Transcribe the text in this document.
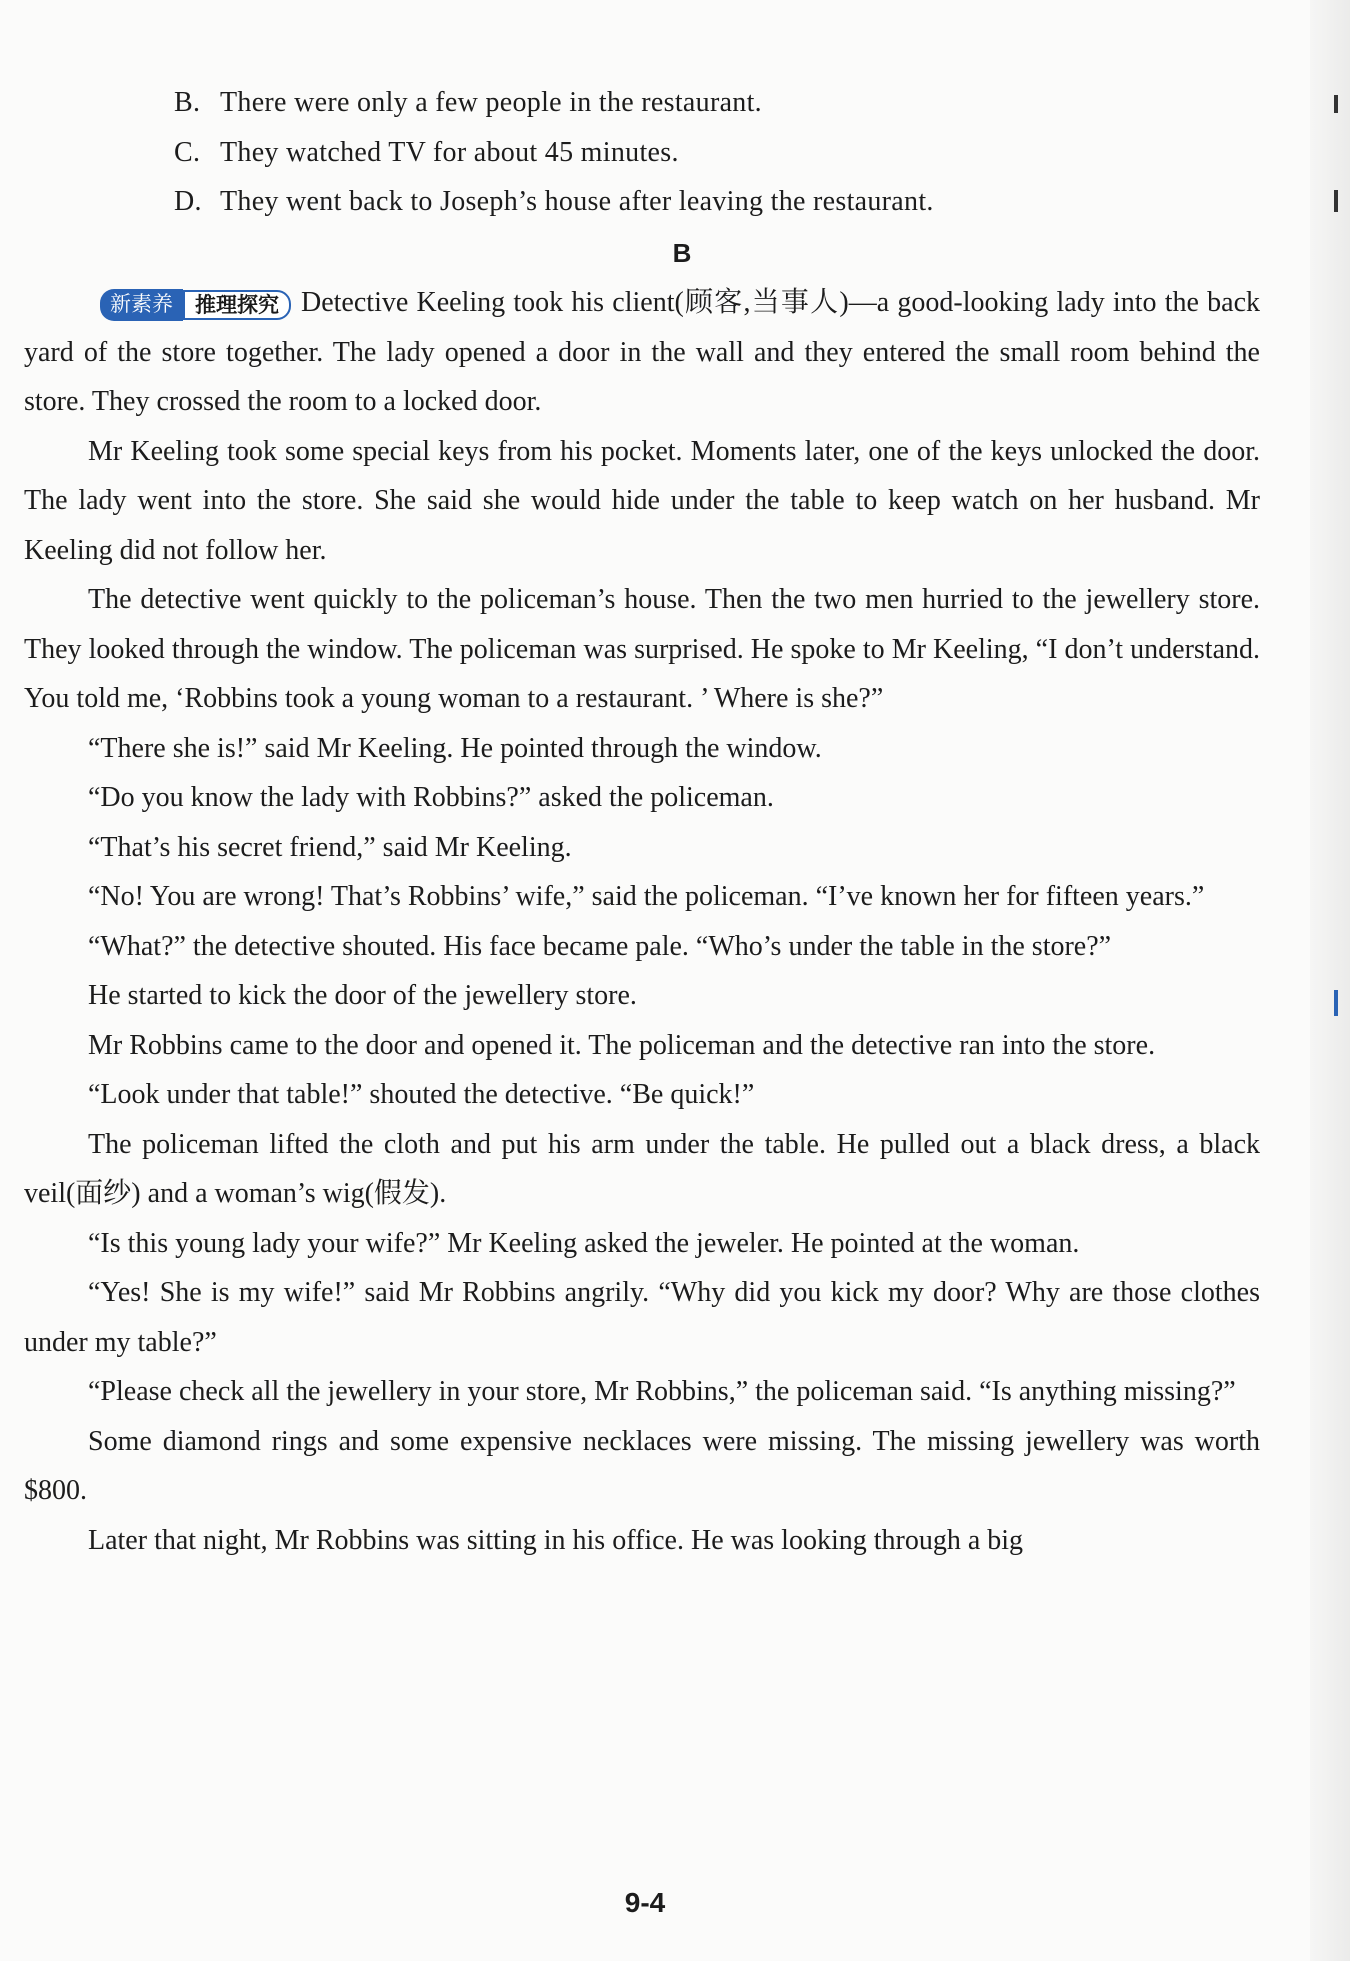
B. There were only a few people in the restaurant.
C. They watched TV for about 45 minutes.
D. They went back to Joseph’s house after leaving the restaurant.
B

新素养	推理探究 Detective Keeling took his client(顾客,当事人)—a good-looking lady into the back yard of the store together. The lady opened a door in the wall and they entered the small room behind the store. They crossed the room to a locked door.

Mr Keeling took some special keys from his pocket. Moments later, one of the keys unlocked the door. The lady went into the store. She said she would hide under the table to keep watch on her husband. Mr Keeling did not follow her.

The detective went quickly to the policeman’s house. Then the two men hurried to the jewellery store. They looked through the window. The policeman was surprised. He spoke to Mr Keeling, “I don’t understand. You told me, ‘Robbins took a young woman to a restaurant. ’ Where is she?”

“There she is!” said Mr Keeling. He pointed through the window.

“Do you know the lady with Robbins?” asked the policeman.

“That’s his secret friend,” said Mr Keeling.

“No! You are wrong! That’s Robbins’ wife,” said the policeman. “I’ve known her for fifteen years.”

“What?” the detective shouted. His face became pale. “Who’s under the table in the store?”

He started to kick the door of the jewellery store.

Mr Robbins came to the door and opened it. The policeman and the detective ran into the store.

“Look under that table!” shouted the detective. “Be quick!”

The policeman lifted the cloth and put his arm under the table. He pulled out a black dress, a black veil(面纱) and a woman’s wig(假发).

“Is this young lady your wife?” Mr Keeling asked the jeweler. He pointed at the woman.

“Yes! She is my wife!” said Mr Robbins angrily. “Why did you kick my door? Why are those clothes under my table?”

“Please check all the jewellery in your store, Mr Robbins,” the policeman said. “Is anything missing?”

Some diamond rings and some expensive necklaces were missing. The missing jewellery was worth $800.

Later that night, Mr Robbins was sitting in his office. He was looking through a big

9-4
